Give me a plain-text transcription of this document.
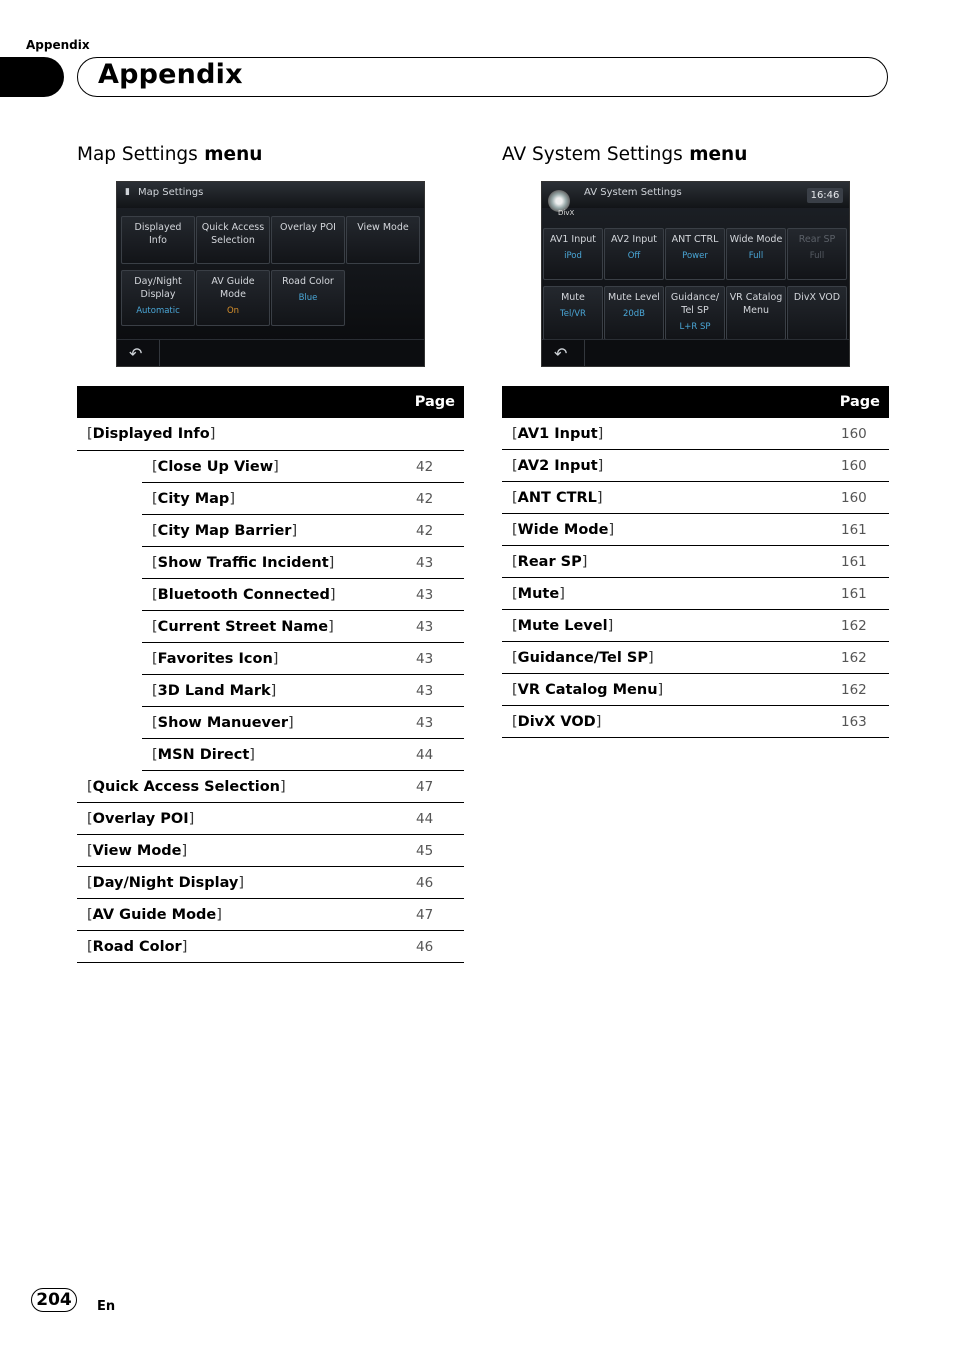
Appendix
Appendix
Map Settings menu
▮ Map Settings
Displayed
Info
Quick Access
Selection
Overlay POI	View Mode
Day/Night
Display
Automatic
AV Guide
Mode
On
Road Color
Blue
↶
AV System Settings menu
DivX
AV System Settings	16:46
AV1 Input
iPod
AV2 Input
Off
ANT CTRL
Power
Wide Mode
Full
Rear SP
Full
Mute
Tel/VR
Mute Level
20dB
Guidance/
Tel SP
L+R SP
VR Catalog
Menu
DivX VOD
↶
Page		
[Displayed Info]		
	[Close Up View]	42
	[City Map]	42
	[City Map Barrier]	42
	[Show Traffic Incident]	43
	[Bluetooth Connected]	43
	[Current Street Name]	43
	[Favorites Icon]	43
	[3D Land Mark]	43
	[Show Manuever]	43
	[MSN Direct]	44
[Quick Access Selection]		47
[Overlay POI]		44
[View Mode]		45
[Day/Night Display]		46
[AV Guide Mode]		47
[Road Color]		46
Page	
[AV1 Input]	160
[AV2 Input]	160
[ANT CTRL]	160
[Wide Mode]	161
[Rear SP]	161
[Mute]	161
[Mute Level]	162
[Guidance/Tel SP]	162
[VR Catalog Menu]	162
[DivX VOD]	163
204	En
